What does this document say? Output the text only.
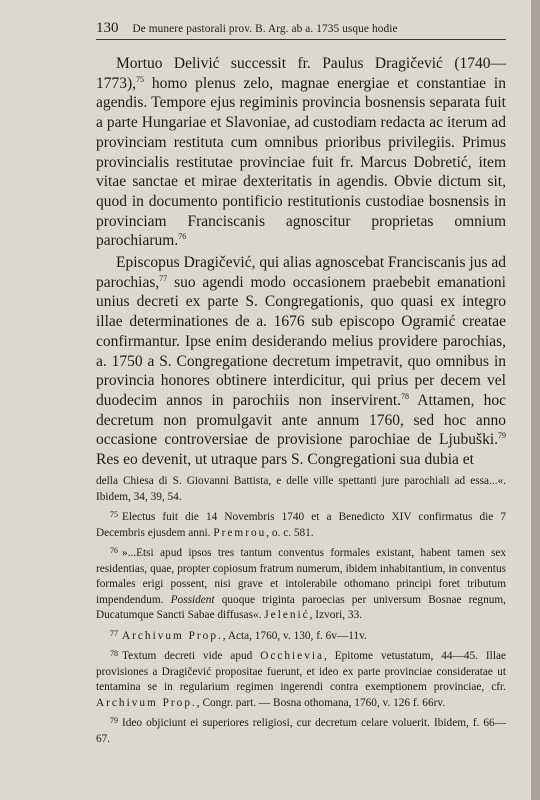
130 De munere pastorali prov. B. Arg. ab a. 1735 usque hodie

Mortuo Delivić successit fr. Paulus Dragičević (1740—1773),$^{75}$ homo plenus zelo, magnae energiae et constantiae in agendis. Tempore ejus regiminis provincia bosnensis separata fuit a parte Hungariae et Slavoniae, ad custodiam redacta ac iterum ad provinciam restituta cum omnibus prioribus privilegiis. Primus provincialis restitutae provinciae fuit fr. Marcus Dobretić, item vitae sanctae et mirae dexteritatis in agendis. Obvie dictum sit, quod in documento pontificio restitutionis custodiae bosnensis in provinciam Franciscanis agnoscitur proprietas omnium parochiarum.$^{76}$

Episcopus Dragičević, qui alias agnoscebat Franciscanis jus ad parochias,$^{77}$ suo agendi modo occasionem praebebit emanationi unius decreti ex parte S. Congregationis, quo quasi ex integro illae determinationes de a. 1676 sub episcopo Ogramić creatae confirmantur. Ipse enim desiderando melius providere parochias, a. 1750 a S. Congregatione decretum impetravit, quo omnibus in provincia honores obtinere interdicitur, qui prius per decem vel duodecim annos in parochiis non inservirent.$^{78}$ Attamen, hoc decretum non promulgavit ante annum 1760, sed hoc anno occasione controversiae de provisione parochiae de Ljubuški.$^{79}$ Res eo devenit, ut utraque pars S. Congregationi sua dubia et

della Chiesa di S. Giovanni Battista, e delle ville spettanti jure parochiali ad essa...«. Ibidem, 34, 39, 54.

$^{75}$ Electus fuit die 14 Novembris 1740 et a Benedicto XIV confirmatus die 7 Decembris ejusdem anni. Premrou, o. c. 581.

$^{76}$ »...Etsi apud ipsos tres tantum conventus formales existant, habent tamen sex residentias, quae, propter copiosum fratrum numerum, ibidem inhabitantium, in conventus formales erigi possent, nisi grave et intolerabile othomano principi foret tributum impendendum. Possident quoque triginta paroecias per universum Bosnae regnum, Ducatumque Sancti Sabae diffusas«. Jelenić, Izvori, 33.

$^{77}$ Archivum Prop., Acta, 1760, v. 130, f. 6v—11v.

$^{78}$ Textum decreti vide apud Occhievia, Epitome vetustatum, 44—45. Illae provisiones a Dragičević propositae fuerunt, et ideo ex parte provinciae consideratae ut tentamina se in regularium regimen ingerendi contra exemptionem provinciae, cfr. Archivum Prop., Congr. part. — Bosna othomana, 1760, v. 126 f. 66rv.

$^{79}$ Ideo objiciunt ei superiores religiosi, cur decretum celare voluerit. Ibidem, f. 66—67.
